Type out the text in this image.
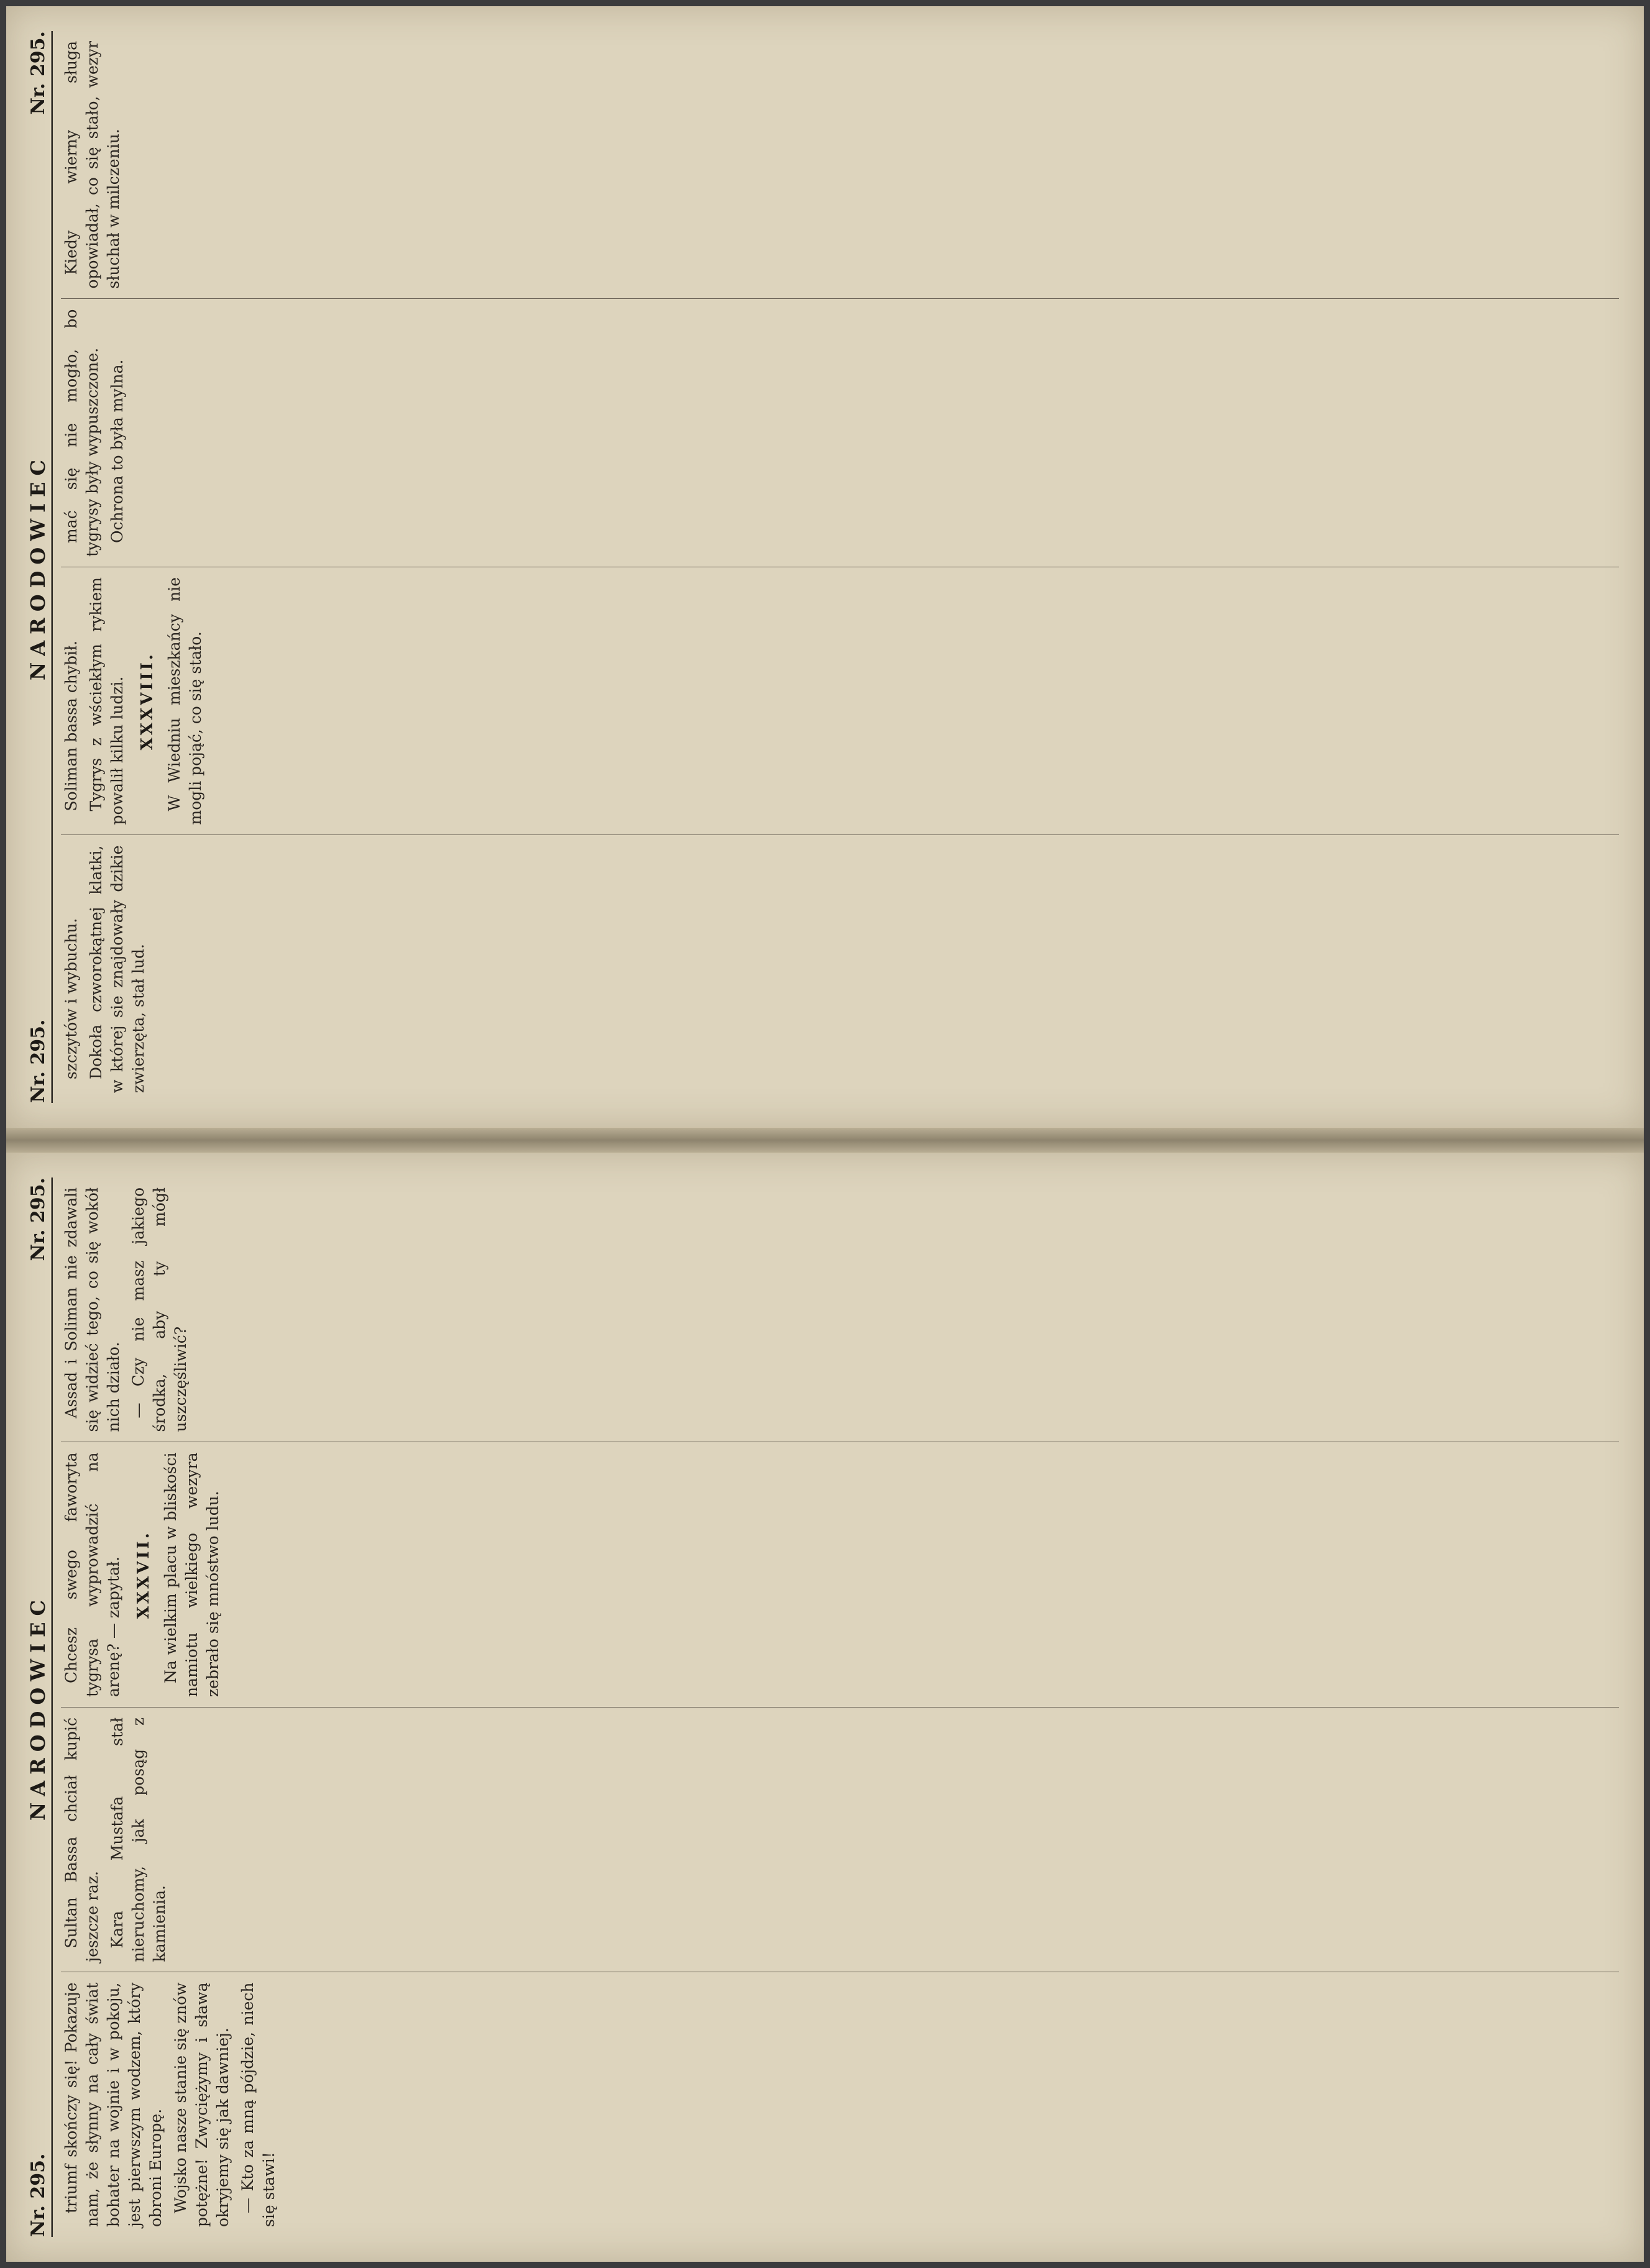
Nr. 295.
NARODOWIEC
Nr. 295.

triumf skończy się! Pokazuje nam, że słynny na cały świat bohater na wojnie i w pokoju, jest pierwszym wodzem, który obroni Europę. Wojsko nasze stanie się znów potężne! Zwyciężymy i sławą okryjemy się jak dawniej. — Kto za mną pójdzie, niech się stawi!

Sultan Bassa chciał kupić jeszcze raz. Kara Mustafa stał nieruchomy, jak posąg z kamienia.

Chcesz swego faworyta tygrysa wyprowadzić na arenę? — zapytał. XXXVII. Na wielkim placu w bliskości namiotu wielkiego wezyra zebrało się mnóstwo ludu.

Assad i Soliman nie zdawali się widzieć tego, co się wokół nich działo. — Czy nie masz jakiego środka, aby ty mógł uszczęśliwić?

Nr. 295.
NARODOWIEC
Nr. 295.

szczytów i wybuchu. Dokoła czworokątnej klatki, w której sie znajdowały dzikie zwierzęta, stał lud.

Soliman bassa chybił. Tygrys z wściekłym rykiem powalił kilku ludzi. XXXVIII. W Wiedniu mieszkańcy nie mogli pojąć, co się stało.

mać się nie mogło, bo tygrysy były wypuszczone. Ochrona to była mylna.

Kiedy wierny sługa opowiadał, co się stało, wezyr słuchał w milczeniu.
